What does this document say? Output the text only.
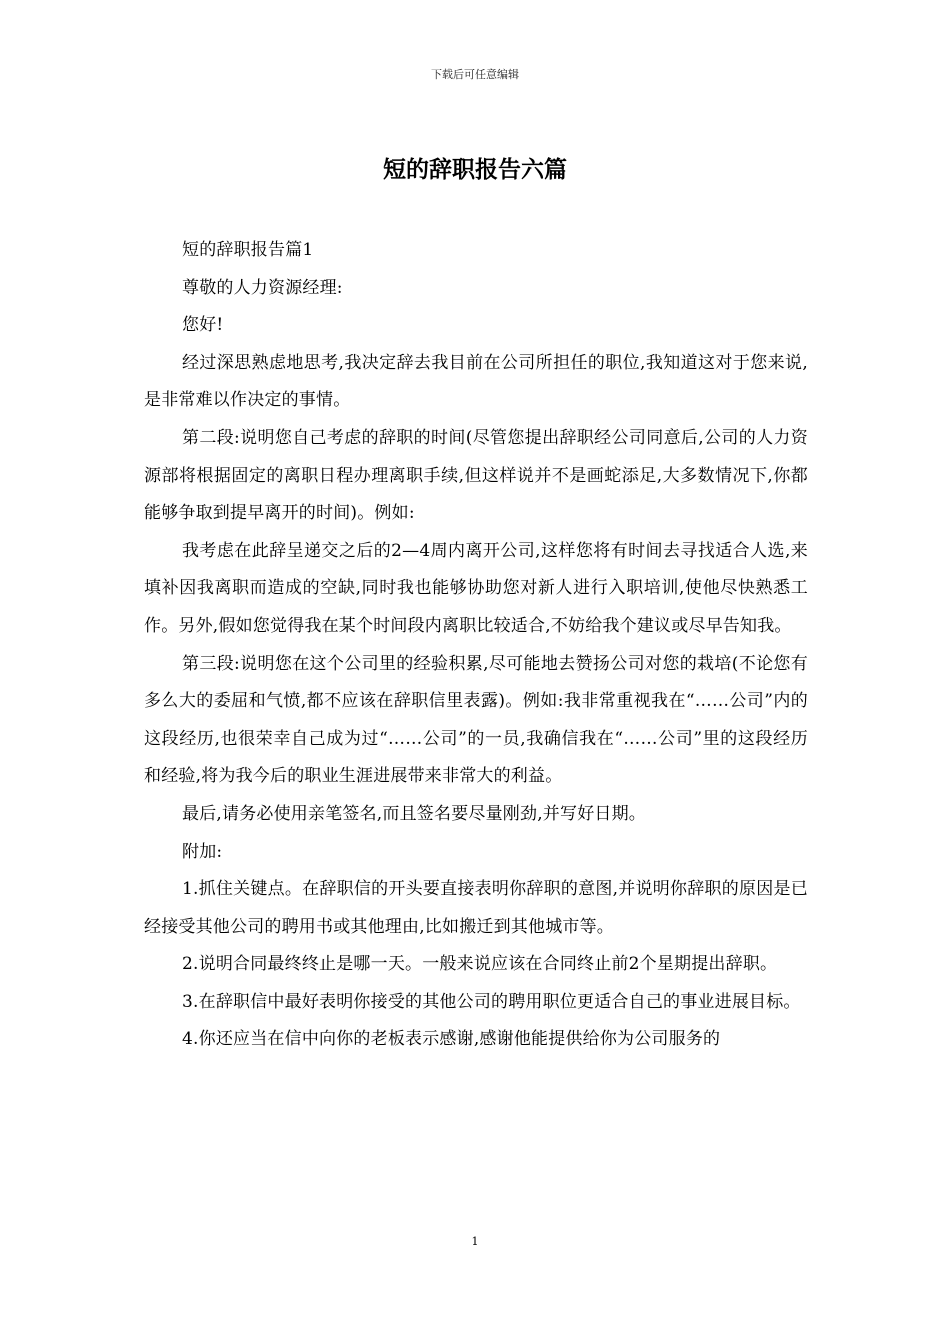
下载后可任意编辑
短的辞职报告六篇

短的辞职报告篇1

尊敬的人力资源经理:

您好!

经过深思熟虑地思考,我决定辞去我目前在公司所担任的职位,我知道这对于您来说,是非常难以作决定的事情。

第二段:说明您自己考虑的辞职的时间(尽管您提出辞职经公司同意后,公司的人力资源部将根据固定的离职日程办理离职手续,但这样说并不是画蛇添足,大多数情况下,你都能够争取到提早离开的时间)。例如:

我考虑在此辞呈递交之后的2—4周内离开公司,这样您将有时间去寻找适合人选,来填补因我离职而造成的空缺,同时我也能够协助您对新人进行入职培训,使他尽快熟悉工作。另外,假如您觉得我在某个时间段内离职比较适合,不妨给我个建议或尽早告知我。

第三段:说明您在这个公司里的经验积累,尽可能地去赞扬公司对您的栽培(不论您有多么大的委屈和气愤,都不应该在辞职信里表露)。例如:我非常重视我在“……公司”内的这段经历,也很荣幸自己成为过“……公司”的一员,我确信我在“……公司”里的这段经历和经验,将为我今后的职业生涯进展带来非常大的利益。

最后,请务必使用亲笔签名,而且签名要尽量刚劲,并写好日期。

附加:

1.抓住关键点。在辞职信的开头要直接表明你辞职的意图,并说明你辞职的原因是已经接受其他公司的聘用书或其他理由,比如搬迁到其他城市等。

2.说明合同最终终止是哪一天。一般来说应该在合同终止前2个星期提出辞职。

3.在辞职信中最好表明你接受的其他公司的聘用职位更适合自己的事业进展目标。

4.你还应当在信中向你的老板表示感谢,感谢他能提供给你为公司服务的

1
